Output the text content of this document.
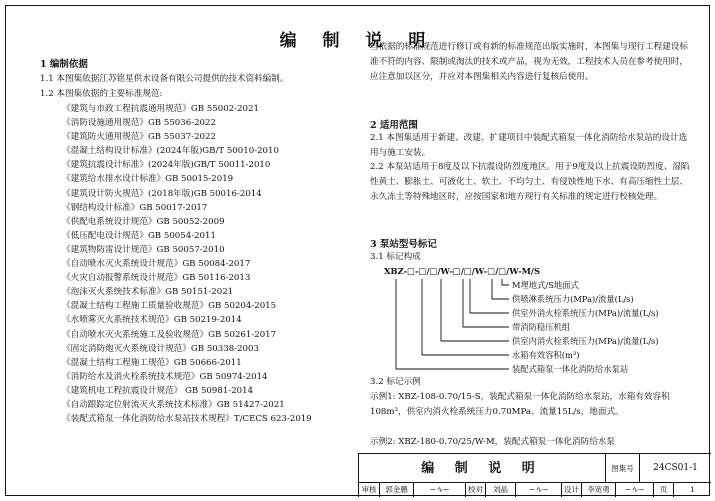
编 制 说 明
1 编制依据
1.1 本图集依据江苏铭星供水设备有限公司提供的技术资料编制。
1.2 本图集依据的主要标准规范:
《建筑与市政工程抗震通用规范》GB 55002-2021
《消防设施通用规范》GB 55036-2022
《建筑防火通用规范》GB 55037-2022
《混凝土结构设计标准》(2024年版)GB/T 50010-2010
《建筑抗震设计标准》(2024年版)GB/T 50011-2010
《建筑给水排水设计标准》GB 50015-2019
《建筑设计防火规范》(2018年版)GB 50016-2014
《钢结构设计标准》GB 50017-2017
《供配电系统设计规范》GB 50052-2009
《低压配电设计规范》GB 50054-2011
《建筑物防雷设计规范》GB 50057-2010
《自动喷水灭火系统设计规范》GB 50084-2017
《火灾自动报警系统设计规范》GB 50116-2013
《泡沫灭火系统技术标准》GB 50151-2021
《混凝土结构工程施工质量验收规范》GB 50204-2015
《水喷雾灭火系统技术规范》GB 50219-2014
《自动喷水灭火系统施工及验收规范》GB 50261-2017
《固定消防炮灭火系统设计规范》GB 50338-2003
《混凝土结构工程施工规范》GB 50666-2011
《消防给水及消火栓系统技术规范》GB 50974-2014
《建筑机电工程抗震设计规范》 GB 50981-2014
《自动跟踪定位射流灭火系统技术标准》GB 51427-2021
《装配式箱泵一体化消防给水泵站技术规程》T/CECS 623-2019
当依据的标准规范进行修订或有新的标准规范出版实施时，本图集与现行工程建设标准不符的内容、限制或淘汰的技术或产品，视为无效，工程技术人员在参考使用时，应注意加以区分，并应对本图集相关内容进行复核后使用。
2 适用范围
2.1 本图集适用于新建、改建、扩建项目中装配式箱泵一体化消防给水泵站的设计选用与施工安装。
2.2 本泵站适用于8度及以下抗震设防烈度地区。用于9度及以上抗震设防烈度、湿陷性黄土、膨胀土、可液化土、软土、不均匀土、有侵蚀性地下水、有高压缩性土层、永久冻土等特殊地区时，应按国家和地方现行有关标准的规定进行校核处理。
3 泵站型号标记
3.1 标记构成
XBZ-□-□/□/W-□/□/W-□/□/W-M/S
M埋地式/S地面式
供喷淋系统压力(MPa)/流量(L/s)
供室外消火栓系统压力(MPa)/流量(L/s)
带消防稳压机组
供室内消火栓系统压力(MPa)/流量(L/s)
水箱有效容积(m³)
装配式箱泵一体化消防给水泵站
3.2 标记示例
示例1: XBZ-108-0.70/15-S，装配式箱泵一体化消防给水泵站，水箱有效容积108m³，供室内消火栓系统压力0.70MPa、流量15L/s，地面式。
示例2: XBZ-180-0.70/25/W-M，装配式箱泵一体化消防给水泵
编 制 说 明	图集号	24CS01-1
审核	郭金鹏	~∿~	校对	刘晶	~∿~	设计	李宽勇	~∿~	页	1
